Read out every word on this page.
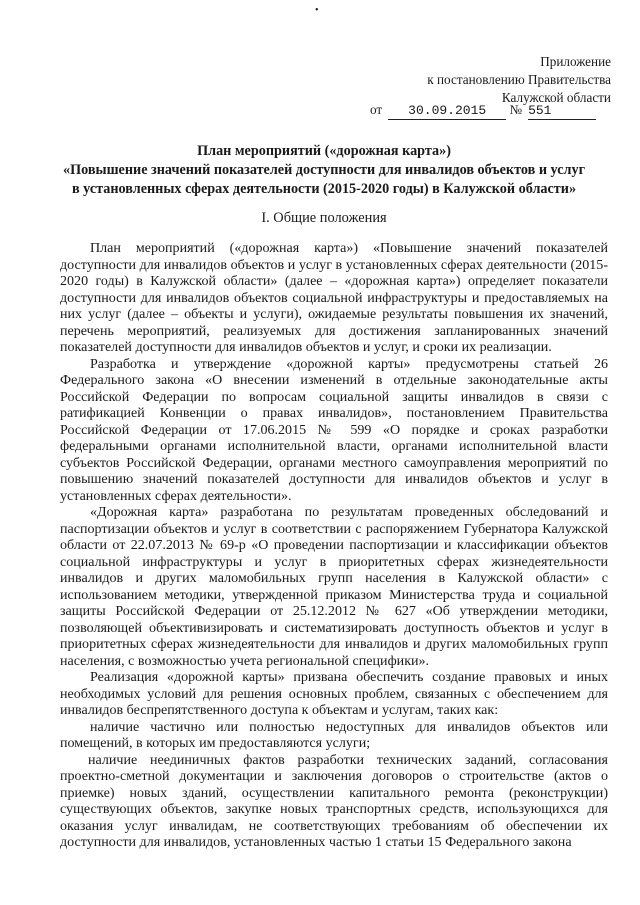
•
Приложение
к постановлению Правительства
Калужской области
от 30.09.2015 № 551
План мероприятий («дорожная карта»)
«Повышение значений показателей доступности для инвалидов объектов и услуг
в установленных сферах деятельности (2015-2020 годы) в Калужской области»
I. Общие положения

План мероприятий («дорожная карта») «Повышение значений показателей доступности для инвалидов объектов и услуг в установленных сферах деятельности (2015-2020 годы) в Калужской области» (далее – «дорожная карта») определяет показатели доступности для инвалидов объектов социальной инфраструктуры и предоставляемых на них услуг (далее – объекты и услуги), ожидаемые результаты повышения их значений, перечень мероприятий, реализуемых для достижения запланированных значений показателей доступности для инвалидов объектов и услуг, и сроки их реализации.

Разработка и утверждение «дорожной карты» предусмотрены статьей 26 Федерального закона «О внесении изменений в отдельные законодательные акты Российской Федерации по вопросам социальной защиты инвалидов в связи с ратификацией Конвенции о правах инвалидов», постановлением Правительства Российской Федерации от 17.06.2015 № 599 «О порядке и сроках разработки федеральными органами исполнительной власти, органами исполнительной власти субъектов Российской Федерации, органами местного самоуправления мероприятий по повышению значений показателей доступности для инвалидов объектов и услуг в установленных сферах деятельности».

«Дорожная карта» разработана по результатам проведенных обследований и паспортизации объектов и услуг в соответствии с распоряжением Губернатора Калужской области от 22.07.2013 № 69-р «О проведении паспортизации и классификации объектов социальной инфраструктуры и услуг в приоритетных сферах жизнедеятельности инвалидов и других маломобильных групп населения в Калужской области» с использованием методики, утвержденной приказом Министерства труда и социальной защиты Российской Федерации от 25.12.2012 № 627 «Об утверждении методики, позволяющей объективизировать и систематизировать доступность объектов и услуг в приоритетных сферах жизнедеятельности для инвалидов и других маломобильных групп населения, с возможностью учета региональной специфики».

Реализация «дорожной карты» призвана обеспечить создание правовых и иных необходимых условий для решения основных проблем, связанных с обеспечением для инвалидов беспрепятственного доступа к объектам и услугам, таких как:

наличие частично или полностью недоступных для инвалидов объектов или помещений, в которых им предоставляются услуги;

наличие неединичных фактов разработки технических заданий, согласования проектно-сметной документации и заключения договоров о строительстве (актов о приемке) новых зданий, осуществлении капитального ремонта (реконструкции) существующих объектов, закупке новых транспортных средств, использующихся для оказания услуг инвалидам, не соответствующих требованиям об обеспечении их доступности для инвалидов, установленных частью 1 статьи 15 Федерального закона
